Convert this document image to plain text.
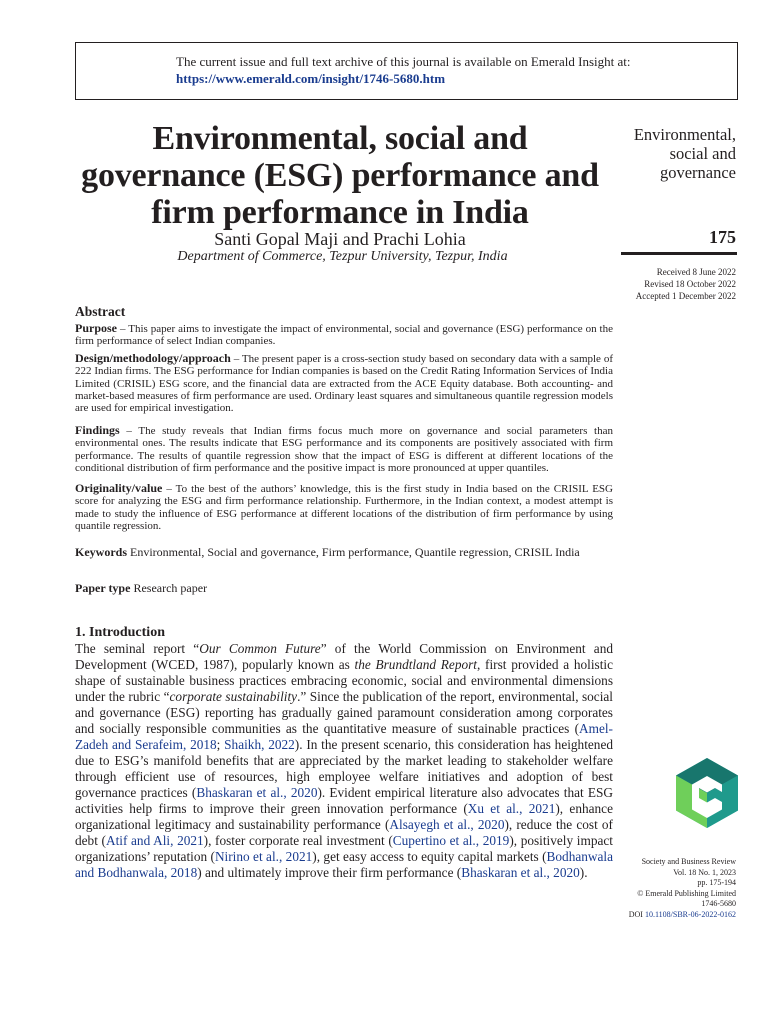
The current issue and full text archive of this journal is available on Emerald Insight at:
https://www.emerald.com/insight/1746-5680.htm
Environmental, social and governance (ESG) performance and firm performance in India
Santi Gopal Maji and Prachi Lohia
Department of Commerce, Tezpur University, Tezpur, India
Environmental, social and governance
175
Received 8 June 2022
Revised 18 October 2022
Accepted 1 December 2022
Abstract
Purpose – This paper aims to investigate the impact of environmental, social and governance (ESG) performance on the firm performance of select Indian companies.
Design/methodology/approach – The present paper is a cross-section study based on secondary data with a sample of 222 Indian firms. The ESG performance for Indian companies is based on the Credit Rating Information Services of India Limited (CRISIL) ESG score, and the financial data are extracted from the ACE Equity database. Both accounting- and market-based measures of firm performance are used. Ordinary least squares and simultaneous quantile regression models are used for empirical investigation.
Findings – The study reveals that Indian firms focus much more on governance and social parameters than environmental ones. The results indicate that ESG performance and its components are positively associated with firm performance. The results of quantile regression show that the impact of ESG is different at different locations of the conditional distribution of firm performance and the positive impact is more pronounced at upper quantiles.
Originality/value – To the best of the authors’ knowledge, this is the first study in India based on the CRISIL ESG score for analyzing the ESG and firm performance relationship. Furthermore, in the Indian context, a modest attempt is made to study the influence of ESG performance at different locations of the distribution of firm performance by using quantile regression.
Keywords Environmental, Social and governance, Firm performance, Quantile regression, CRISIL India
Paper type Research paper
1. Introduction
The seminal report “Our Common Future” of the World Commission on Environment and Development (WCED, 1987), popularly known as the Brundtland Report, first provided a holistic shape of sustainable business practices embracing economic, social and environmental dimensions under the rubric “corporate sustainability.” Since the publication of the report, environmental, social and governance (ESG) reporting has gradually gained paramount consideration among corporates and socially responsible communities as the quantitative measure of sustainable practices (Amel-Zadeh and Serafeim, 2018; Shaikh, 2022). In the present scenario, this consideration has heightened due to ESG’s manifold benefits that are appreciated by the market leading to stakeholder welfare through efficient use of resources, high employee welfare initiatives and adoption of best governance practices (Bhaskaran et al., 2020). Evident empirical literature also advocates that ESG activities help firms to improve their green innovation performance (Xu et al., 2021), enhance organizational legitimacy and sustainability performance (Alsayegh et al., 2020), reduce the cost of debt (Atif and Ali, 2021), foster corporate real investment (Cupertino et al., 2019), positively impact organizations’ reputation (Nirino et al., 2021), get easy access to equity capital markets (Bodhanwala and Bodhanwala, 2018) and ultimately improve their firm performance (Bhaskaran et al., 2020).
Society and Business Review
Vol. 18 No. 1, 2023
pp. 175-194
© Emerald Publishing Limited
1746-5680
DOI 10.1108/SBR-06-2022-0162
